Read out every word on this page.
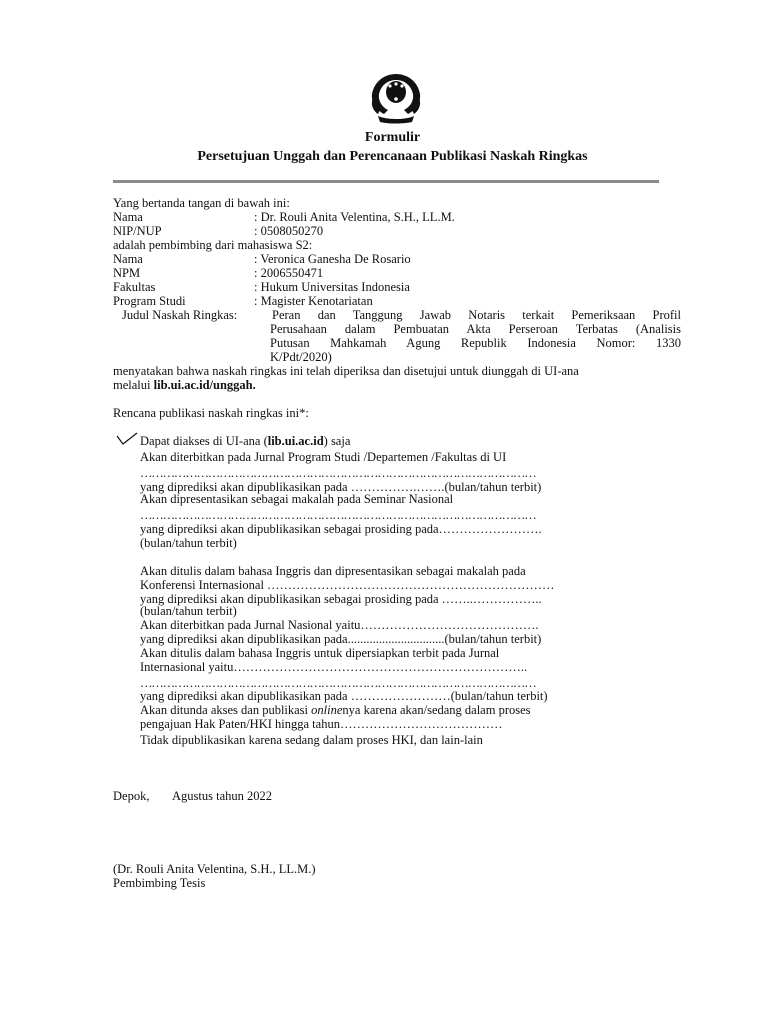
Formulir
Persetujuan Unggah dan Perencanaan Publikasi Naskah Ringkas
Yang bertanda tangan di bawah ini:
Nama	: Dr. Rouli Anita Velentina, S.H., LL.M.
NIP/NUP	: 0508050270
adalah pembimbing dari mahasiswa S2:
Nama	: Veronica Ganesha De Rosario
NPM	: 2006550471
Fakultas	: Hukum Universitas Indonesia
Program Studi	: Magister Kenotariatan
Judul Naskah Ringkas:	Peran dan Tanggung Jawab Notaris terkait Pemeriksaan Profil
Perusahaan dalam Pembuatan Akta Perseroan Terbatas (Analisis
Putusan Mahkamah Agung Republik Indonesia Nomor: 1330
K/Pdt/2020)
menyatakan bahwa naskah ringkas ini telah diperiksa dan disetujui untuk diunggah di UI-ana
melalui lib.ui.ac.id/unggah.
Rencana publikasi naskah ringkas ini*:
Dapat diakses di UI-ana (lib.ui.ac.id) saja
Akan diterbitkan pada Jurnal Program Studi /Departemen /Fakultas di UI
……………………………………………………………………………………………
yang diprediksi akan dipublikasikan pada …………….…….(bulan/tahun terbit)
Akan dipresentasikan sebagai makalah pada Seminar Nasional
……………………………………………………………………………………………
yang diprediksi akan dipublikasikan sebagai prosiding pada…………………….
(bulan/tahun terbit)
Akan ditulis dalam bahasa Inggris dan dipresentasikan sebagai makalah pada
Konferensi Internasional ……………………………………………………………
yang diprediksi akan dipublikasikan sebagai prosiding pada ……..……………..
(bulan/tahun terbit)
Akan diterbitkan pada Jurnal Nasional yaitu…………………………………….
yang diprediksi akan dipublikasikan pada...............................(bulan/tahun terbit)
Akan ditulis dalam bahasa Inggris untuk dipersiapkan terbit pada Jurnal
Internasional yaitu……………………………………………………………..
……………………………………………………………………………………………
yang diprediksi akan dipublikasikan pada ……………………(bulan/tahun terbit)
Akan ditunda akses dan publikasi onlinenya karena akan/sedang dalam proses
pengajuan Hak Paten/HKI hingga tahun…………………………………
Tidak dipublikasikan karena sedang dalam proses HKI, dan lain-lain
Depok, Agustus tahun 2022
(Dr. Rouli Anita Velentina, S.H., LL.M.)
Pembimbing Tesis
